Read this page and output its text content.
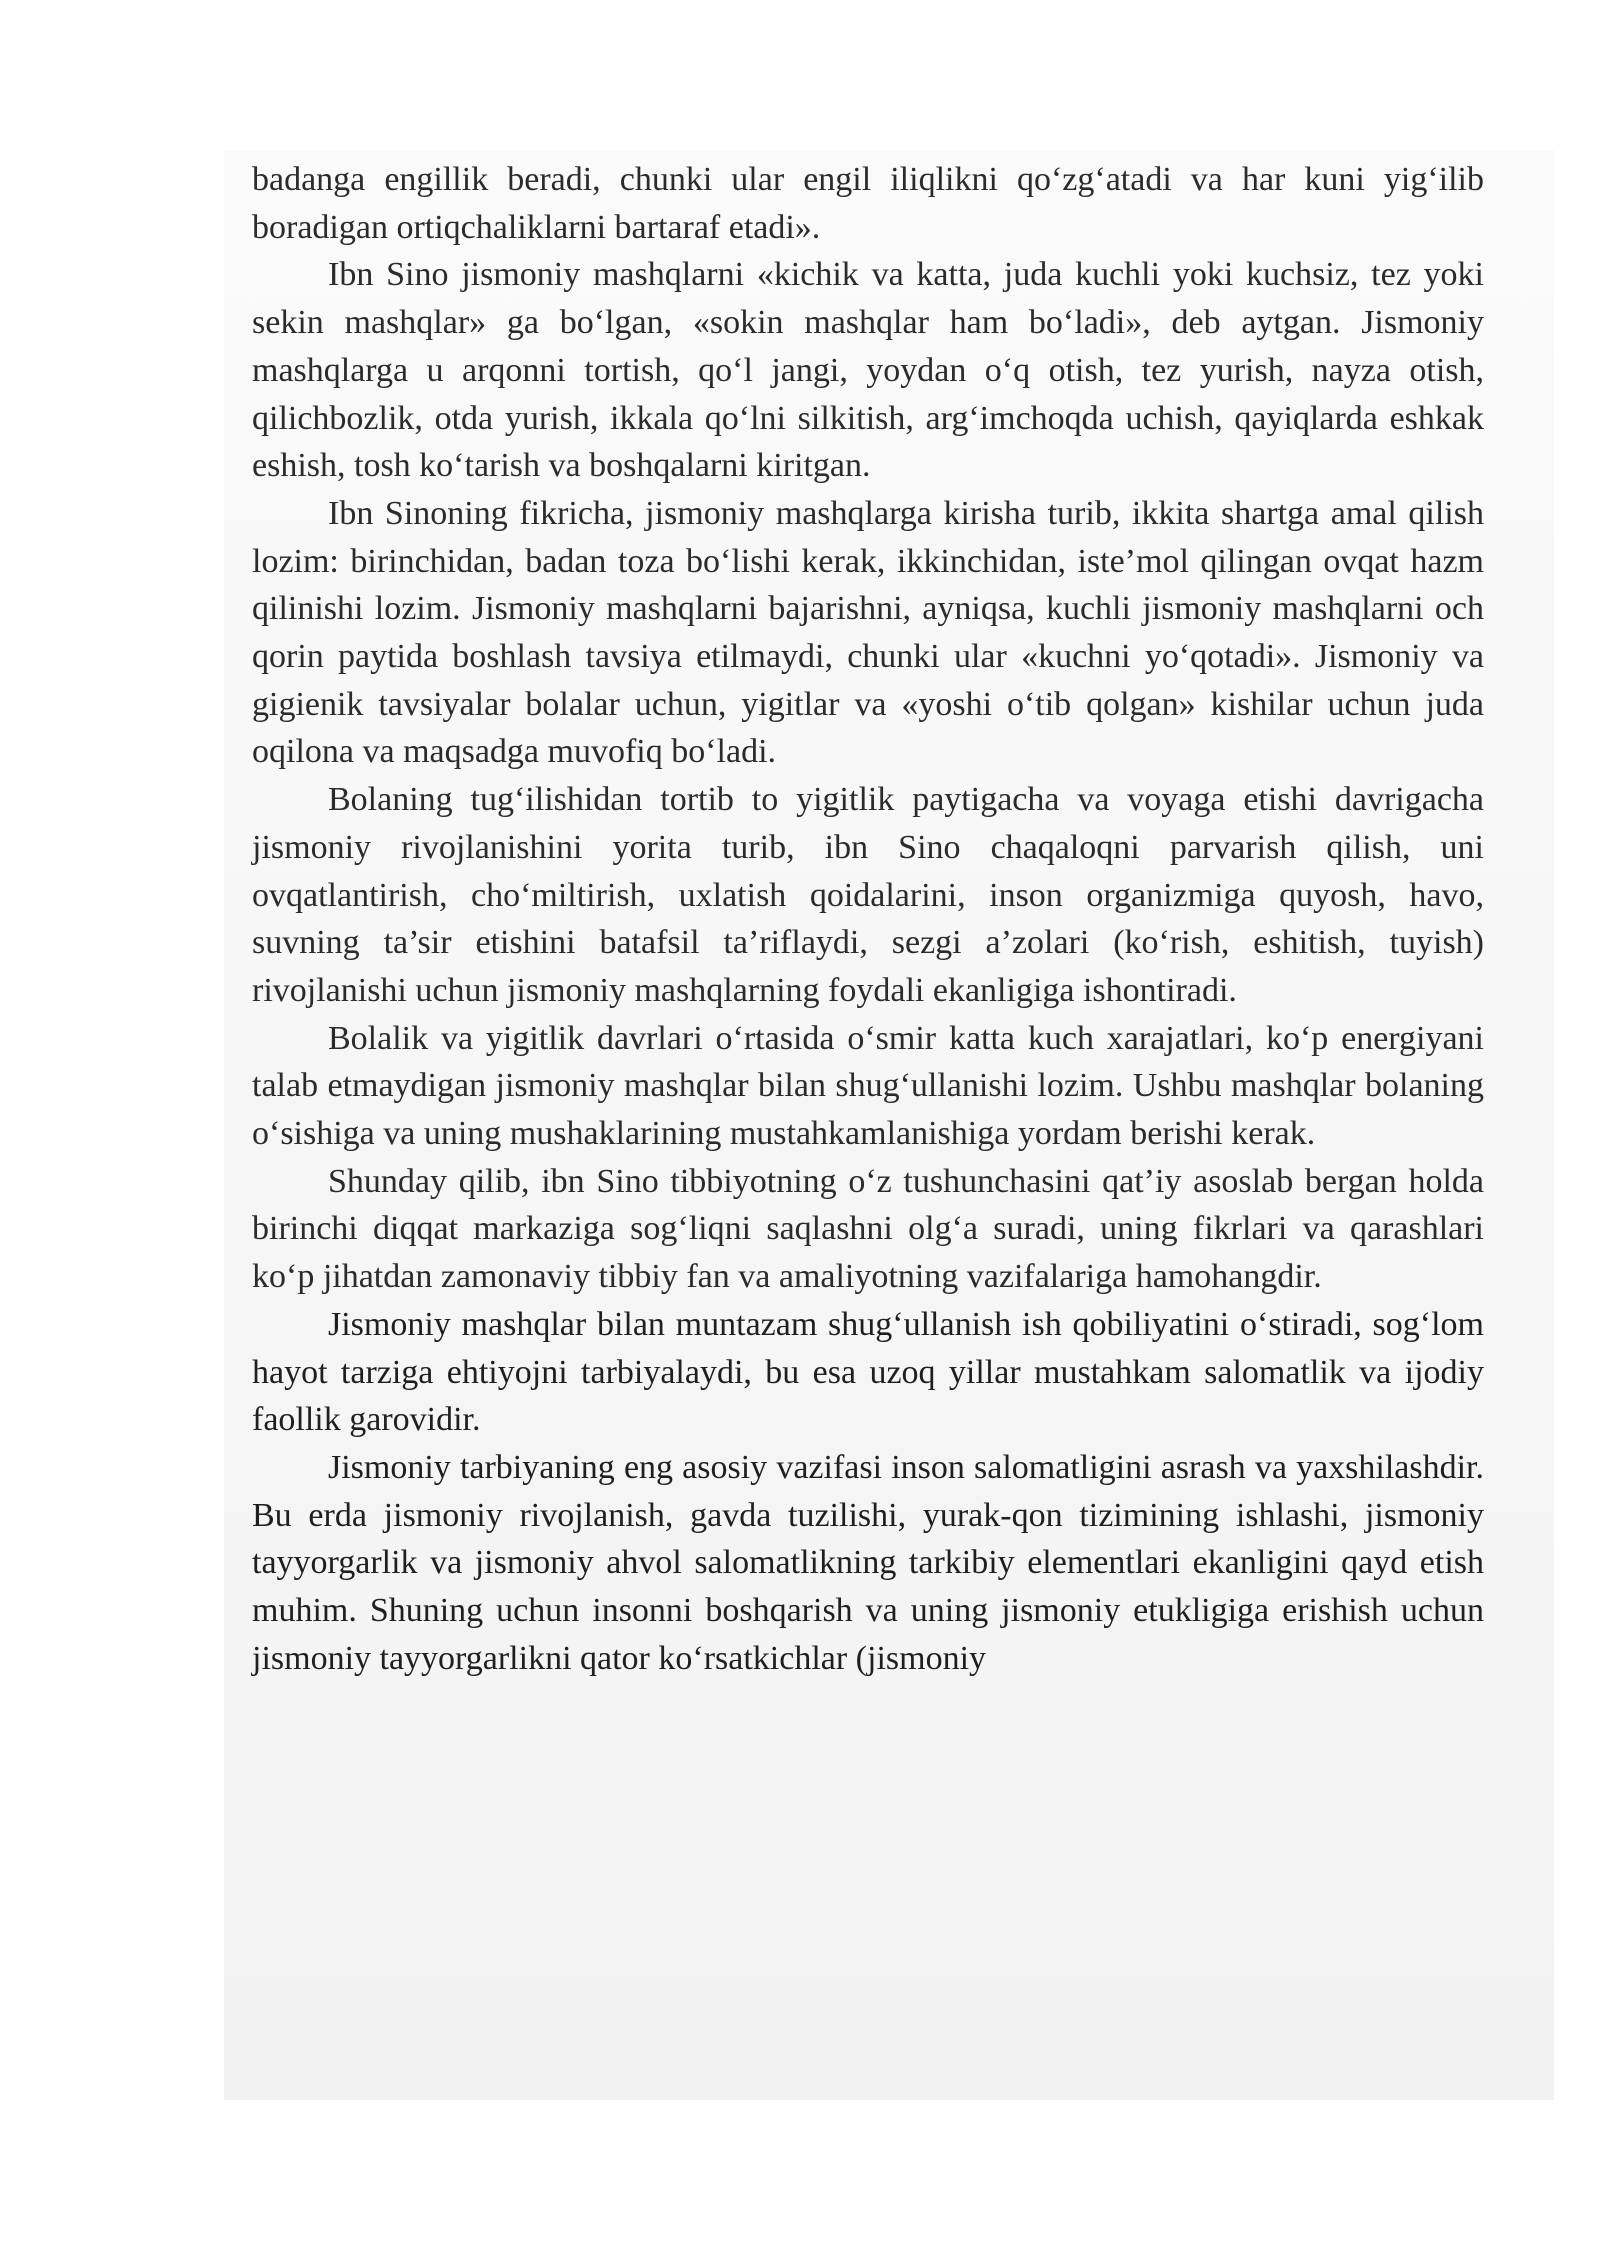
badanga engillik beradi, chunki ular engil iliqlikni qo‘zg‘atadi va har kuni yig‘ilib boradigan ortiqchaliklarni bartaraf etadi».

Ibn Sino jismoniy mashqlarni «kichik va katta, juda kuchli yoki kuchsiz, tez yoki sekin mashqlar» ga bo‘lgan, «sokin mashqlar ham bo‘ladi», deb aytgan. Jismoniy mashqlarga u arqonni tortish, qo‘l jangi, yoydan o‘q otish, tez yurish, nayza otish, qilichbozlik, otda yurish, ikkala qo‘lni silkitish, arg‘imchoqda uchish, qayiqlarda eshkak eshish, tosh ko‘tarish va boshqalarni kiritgan.

Ibn Sinoning fikricha, jismoniy mashqlarga kirisha turib, ikkita shartga amal qilish lozim: birinchidan, badan toza bo‘lishi kerak, ikkinchidan, iste’mol qilingan ovqat hazm qilinishi lozim. Jismoniy mashqlarni bajarishni, ayniqsa, kuchli jismoniy mashqlarni och qorin paytida boshlash tavsiya etilmaydi, chunki ular «kuchni yo‘qotadi». Jismoniy va gigienik tavsiyalar bolalar uchun, yigitlar va «yoshi o‘tib qolgan» kishilar uchun juda oqilona va maqsadga muvofiq bo‘ladi.

Bolaning tug‘ilishidan tortib to yigitlik paytigacha va voyaga etishi davrigacha jismoniy rivojlanishini yorita turib, ibn Sino chaqaloqni parvarish qilish, uni ovqatlantirish, cho‘miltirish, uxlatish qoidalarini, inson organizmiga quyosh, havo, suvning ta’sir etishini batafsil ta’riflaydi, sezgi a’zolari (ko‘rish, eshitish, tuyish) rivojlanishi uchun jismoniy mashqlarning foydali ekanligiga ishontiradi.

Bolalik va yigitlik davrlari o‘rtasida o‘smir katta kuch xarajatlari, ko‘p energiyani talab etmaydigan jismoniy mashqlar bilan shug‘ullanishi lozim. Ushbu mashqlar bolaning o‘sishiga va uning mushaklarining mustahkamlanishiga yordam berishi kerak.

Shunday qilib, ibn Sino tibbiyotning o‘z tushunchasini qat’iy asoslab bergan holda birinchi diqqat markaziga sog‘liqni saqlashni olg‘a suradi, uning fikrlari va qarashlari ko‘p jihatdan zamonaviy tibbiy fan va amaliyotning vazifalariga hamohangdir.

Jismoniy mashqlar bilan muntazam shug‘ullanish ish qobiliyatini o‘stiradi, sog‘lom hayot tarziga ehtiyojni tarbiyalaydi, bu esa uzoq yillar mustahkam salomatlik va ijodiy faollik garovidir.

Jismoniy tarbiyaning eng asosiy vazifasi inson salomatligini asrash va yaxshilashdir. Bu erda jismoniy rivojlanish, gavda tuzilishi, yurak-qon tizimining ishlashi, jismoniy tayyorgarlik va jismoniy ahvol salomatlikning tarkibiy elementlari ekanligini qayd etish muhim. Shuning uchun insonni boshqarish va uning jismoniy etukligiga erishish uchun jismoniy tayyorgarlikni qator ko‘rsatkichlar (jismoniy
